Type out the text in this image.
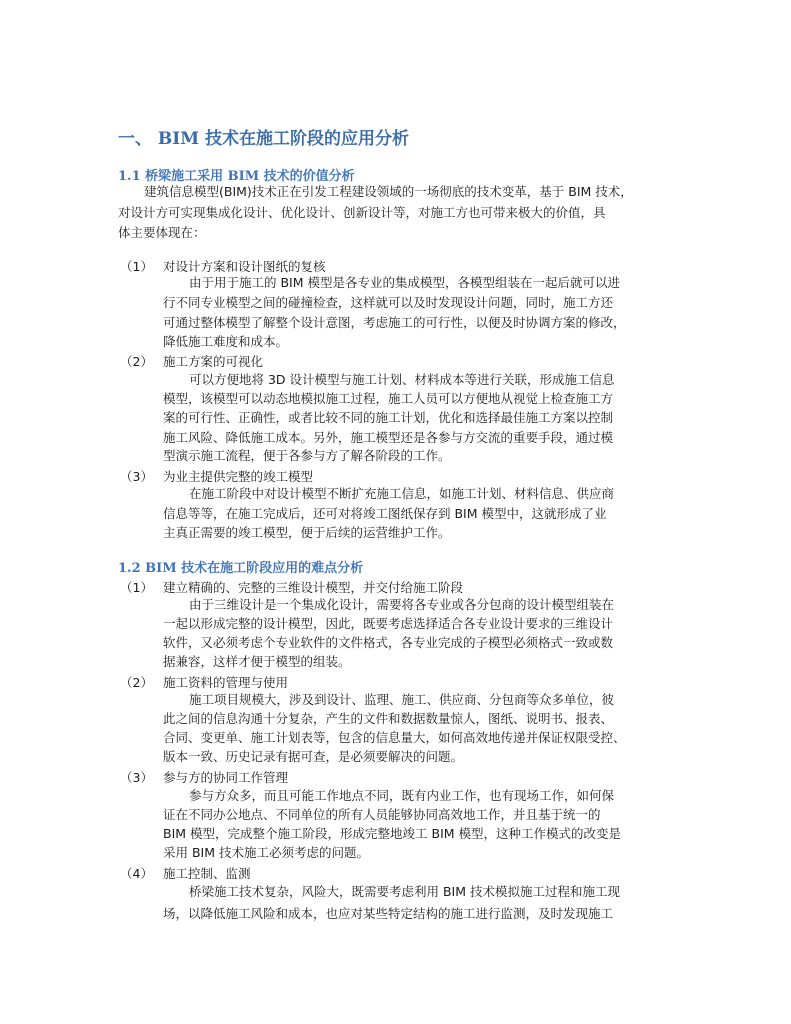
一、 BIM 技术在施工阶段的应用分析
1.1 桥梁施工采用 BIM 技术的价值分析
建筑信息模型(BIM)技术正在引发工程建设领域的一场彻底的技术变革，基于 BIM 技术，
对设计方可实现集成化设计、优化设计、创新设计等，对施工方也可带来极大的价值，具
体主要体现在：
（1） 对设计方案和设计图纸的复核
由于用于施工的 BIM 模型是各专业的集成模型，各模型组装在一起后就可以进
行不同专业模型之间的碰撞检查，这样就可以及时发现设计问题，同时，施工方还
可通过整体模型了解整个设计意图，考虑施工的可行性，以便及时协调方案的修改，
降低施工难度和成本。
（2） 施工方案的可视化
可以方便地将 3D 设计模型与施工计划、材料成本等进行关联，形成施工信息
模型，该模型可以动态地模拟施工过程，施工人员可以方便地从视觉上检查施工方
案的可行性、正确性，或者比较不同的施工计划，优化和选择最佳施工方案以控制
施工风险、降低施工成本。另外，施工模型还是各参与方交流的重要手段，通过模
型演示施工流程，便于各参与方了解各阶段的工作。
（3） 为业主提供完整的竣工模型
在施工阶段中对设计模型不断扩充施工信息，如施工计划、材料信息、供应商
信息等等，在施工完成后，还可对将竣工图纸保存到 BIM 模型中，这就形成了业
主真正需要的竣工模型，便于后续的运营维护工作。
1.2 BIM 技术在施工阶段应用的难点分析
（1） 建立精确的、完整的三维设计模型，并交付给施工阶段
由于三维设计是一个集成化设计，需要将各专业或各分包商的设计模型组装在
一起以形成完整的设计模型，因此，既要考虑选择适合各专业设计要求的三维设计
软件，又必须考虑个专业软件的文件格式，各专业完成的子模型必须格式一致或数
据兼容，这样才便于模型的组装。
（2） 施工资料的管理与使用
施工项目规模大，涉及到设计、监理、施工、供应商、分包商等众多单位，彼
此之间的信息沟通十分复杂，产生的文件和数据数量惊人，图纸、说明书、报表、
合同、变更单、施工计划表等，包含的信息量大，如何高效地传递并保证权限受控、
版本一致、历史记录有据可查，是必须要解决的问题。
（3） 参与方的协同工作管理
参与方众多，而且可能工作地点不同，既有内业工作，也有现场工作，如何保
证在不同办公地点、不同单位的所有人员能够协同高效地工作，并且基于统一的
BIM 模型，完成整个施工阶段，形成完整地竣工 BIM 模型，这种工作模式的改变是
采用 BIM 技术施工必须考虑的问题。
（4） 施工控制、监测
桥梁施工技术复杂，风险大，既需要考虑利用 BIM 技术模拟施工过程和施工现
场，以降低施工风险和成本，也应对某些特定结构的施工进行监测，及时发现施工
